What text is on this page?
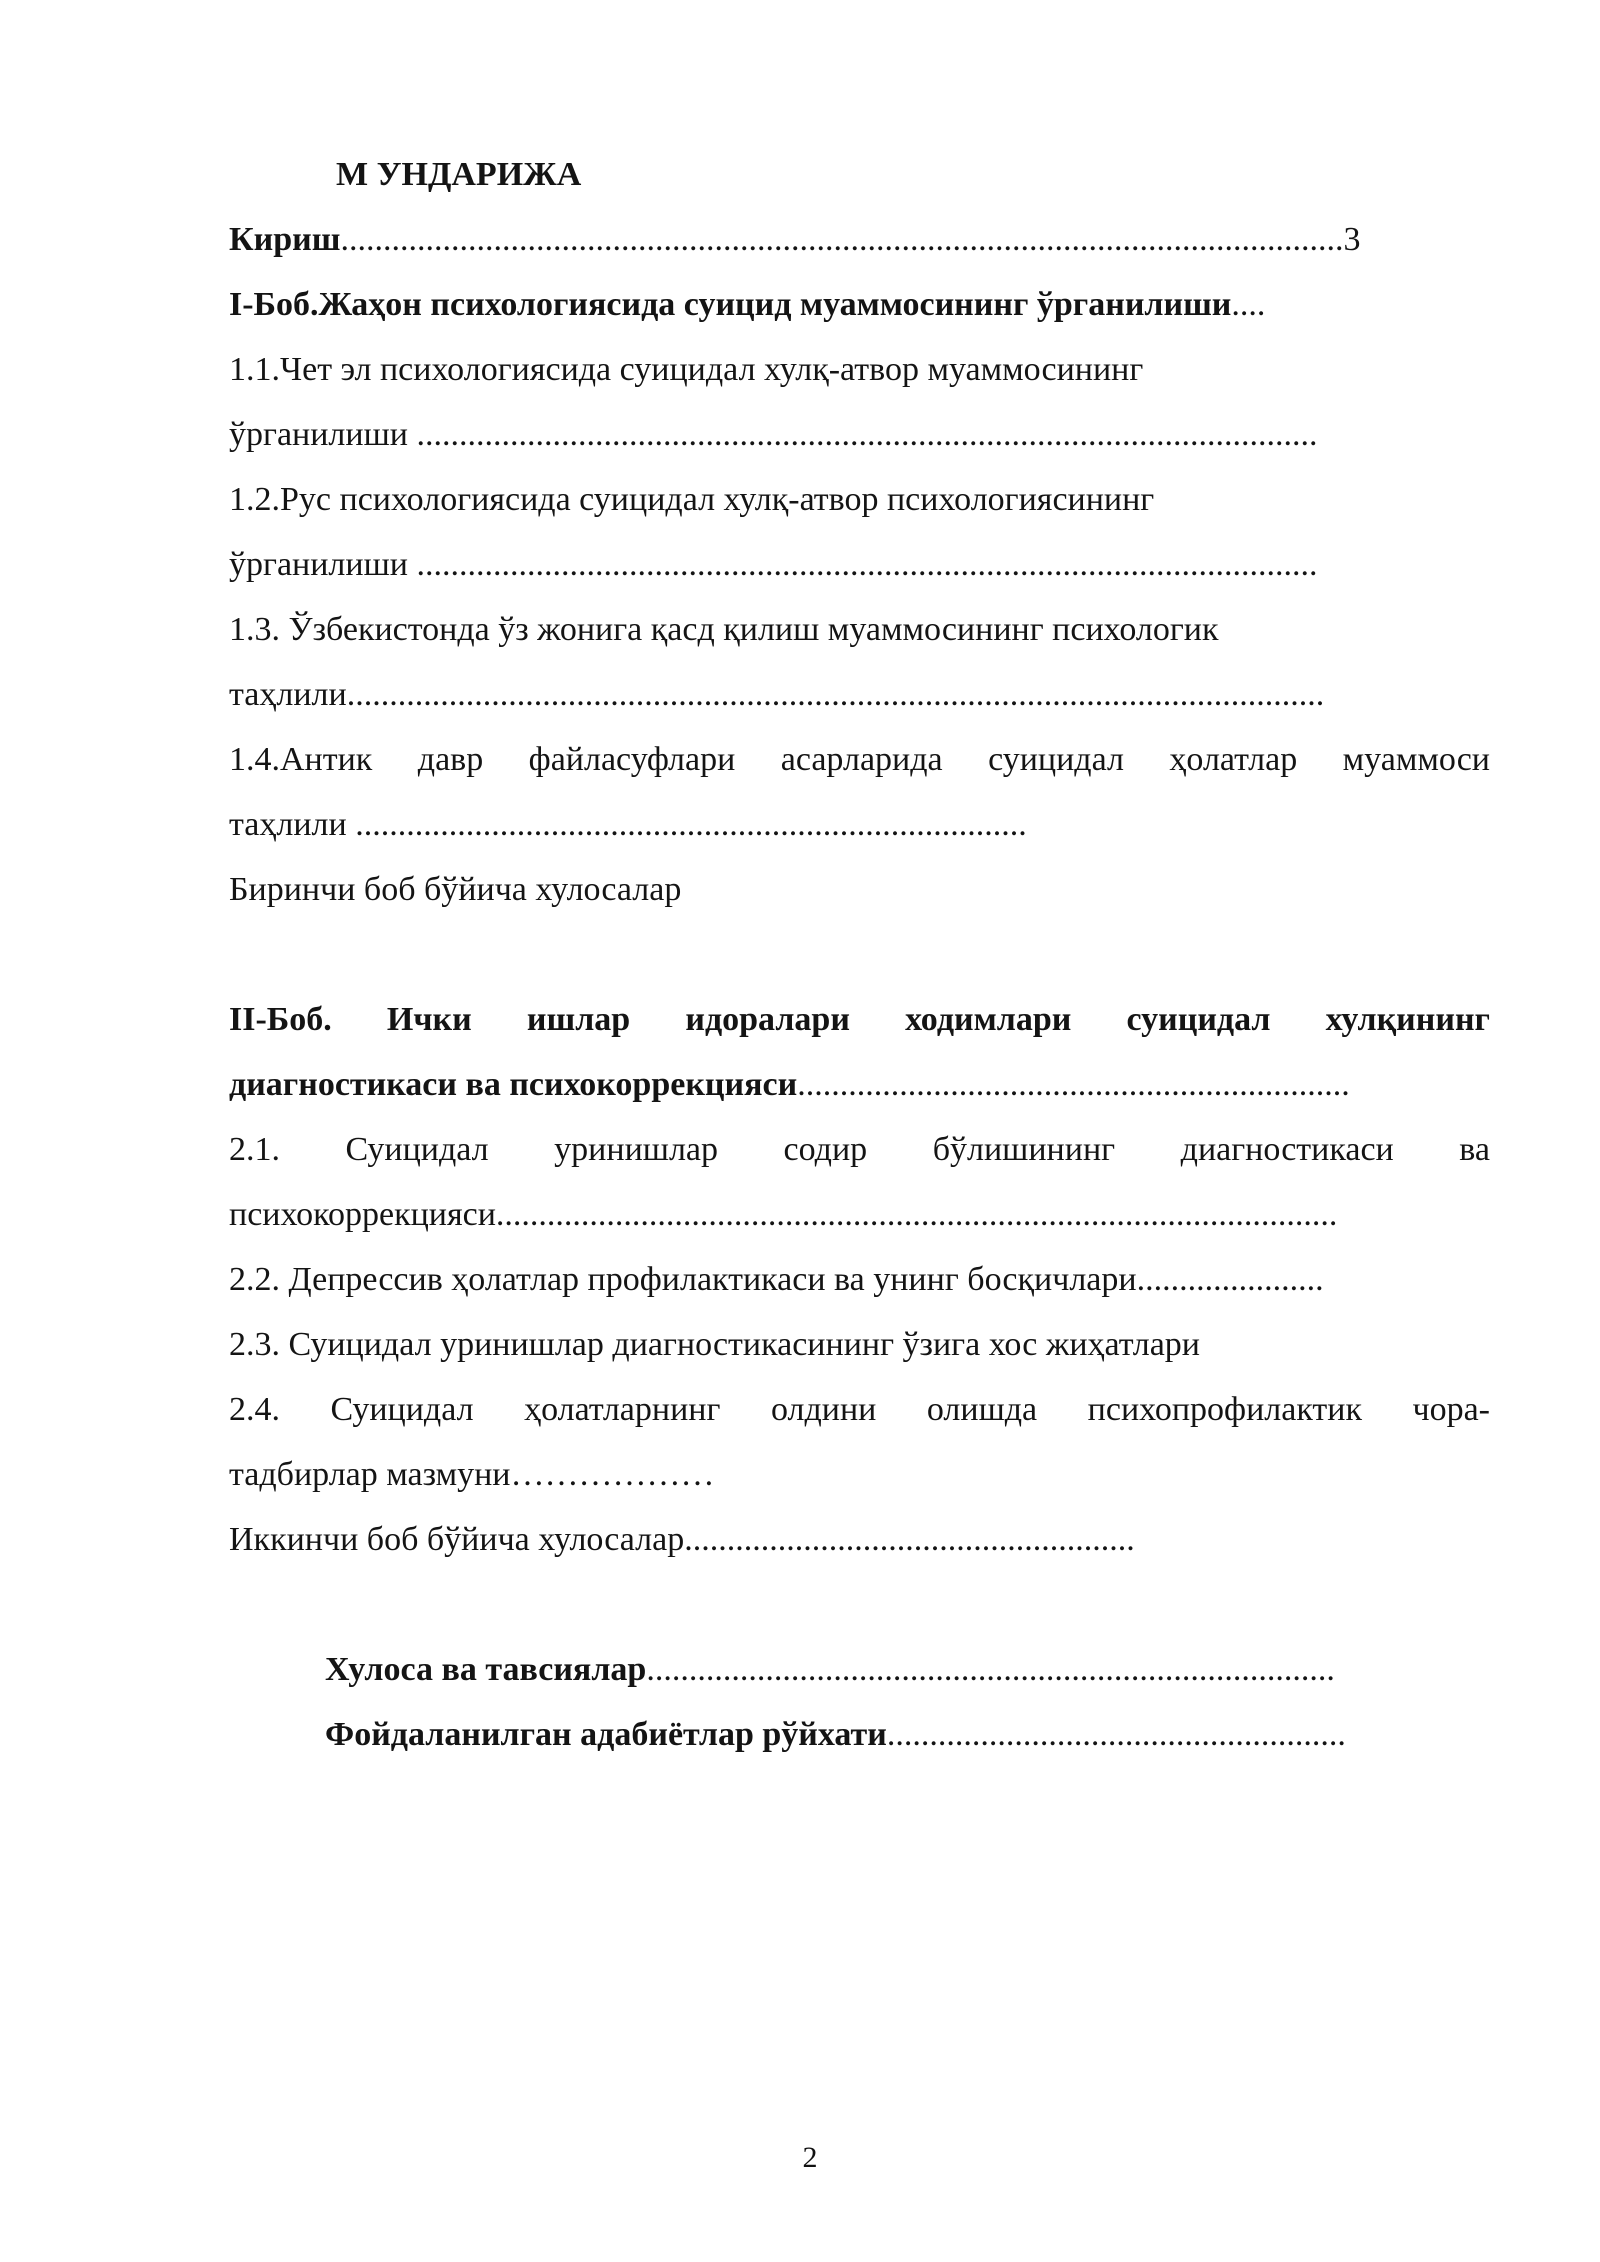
М УНДАРИЖА
Кириш......................................................................................................................3
I-Боб.Жаҳон психологиясида суицид муаммосининг ўрганилиши....
1.1.Чет эл психологиясида суицидал хулқ-атвор муаммосининг
ўрганилиши ..........................................................................................................
1.2.Рус психологиясида суицидал хулқ-атвор психологиясининг
ўрганилиши ..........................................................................................................
1.3. Ўзбекистонда ўз жонига қасд қилиш муаммосининг психологик
таҳлили...................................................................................................................
1.4.Антик давр файласуфлари асарларида суицидал ҳолатлар муаммоси
таҳлили ...............................................................................
Биринчи боб бўйича хулосалар
II-Боб. Ички ишлар идоралари ходимлари суицидал хулқининг
диагностикаси ва психокоррекцияси.................................................................
2.1. Суицидал уринишлар содир бўлишининг диагностикаси ва
психокоррекцияси...................................................................................................
2.2. Депрессив ҳолатлар профилактикаси ва унинг босқичлари......................
2.3. Суицидал уринишлар диагностикасининг ўзига хос жиҳатлари
2.4. Суицидал ҳолатларнинг олдини олишда психопрофилактик чора-
тадбирлар мазмуни………………
Иккинчи боб бўйича хулосалар.....................................................
Хулоса ва тавсиялар.................................................................................
Фойдаланилган адабиётлар рўйхати......................................................
2
